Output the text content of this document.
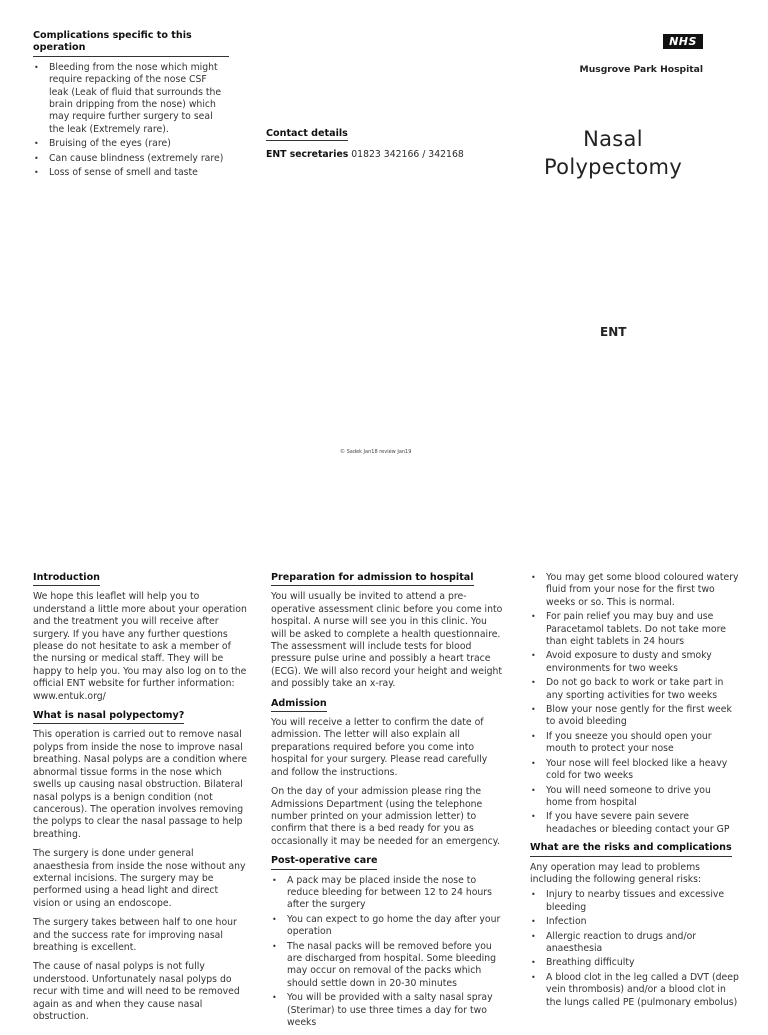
Complications specific to this operation
• Bleeding from the nose which might require repacking of the nose CSF leak (Leak of fluid that surrounds the brain dripping from the nose) which may require further surgery to seal the leak (Extremely rare).
• Bruising of the eyes (rare)
• Can cause blindness (extremely rare)
• Loss of sense of smell and taste
Contact details
ENT secretaries 01823 342166 / 342168
NHS
Musgrove Park Hospital
Nasal
Polypectomy
ENT
© Sadek Jan18 review Jan19
Introduction

We hope this leaflet will help you to understand a little more about your operation and the treatment you will receive after surgery. If you have any further questions please do not hesitate to ask a member of the nursing or medical staff. They will be happy to help you. You may also log on to the official ENT website for further information: www.entuk.org/

What is nasal polypectomy?

This operation is carried out to remove nasal polyps from inside the nose to improve nasal breathing. Nasal polyps are a condition where abnormal tissue forms in the nose which swells up causing nasal obstruction. Bilateral nasal polyps is a benign condition (not cancerous). The operation involves removing the polyps to clear the nasal passage to help breathing.

The surgery is done under general anaesthesia from inside the nose without any external incisions. The surgery may be performed using a head light and direct vision or using an endoscope.

The surgery takes between half to one hour and the success rate for improving nasal breathing is excellent.

The cause of nasal polyps is not fully understood. Unfortunately nasal polyps do recur with time and will need to be removed again as and when they cause nasal obstruction.

Preparation for admission to hospital

You will usually be invited to attend a pre-operative assessment clinic before you come into hospital. A nurse will see you in this clinic. You will be asked to complete a health questionnaire. The assessment will include tests for blood pressure pulse urine and possibly a heart trace (ECG). We will also record your height and weight and possibly take an x-ray.

Admission

You will receive a letter to confirm the date of admission. The letter will also explain all preparations required before you come into hospital for your surgery. Please read carefully and follow the instructions.

On the day of your admission please ring the Admissions Department (using the telephone number printed on your admission letter) to confirm that there is a bed ready for you as occasionally it may be needed for an emergency.

Post-operative care
• A pack may be placed inside the nose to reduce bleeding for between 12 to 24 hours after the surgery
• You can expect to go home the day after your operation
• The nasal packs will be removed before you are discharged from hospital. Some bleeding may occur on removal of the packs which should settle down in 20-30 minutes
• You will be provided with a salty nasal spray (Sterimar) to use three times a day for two weeks
• You may get some blood coloured watery fluid from your nose for the first two weeks or so. This is normal.
• For pain relief you may buy and use Paracetamol tablets. Do not take more than eight tablets in 24 hours
• Avoid exposure to dusty and smoky environments for two weeks
• Do not go back to work or take part in any sporting activities for two weeks
• Blow your nose gently for the first week to avoid bleeding
• If you sneeze you should open your mouth to protect your nose
• Your nose will feel blocked like a heavy cold for two weeks
• You will need someone to drive you home from hospital
• If you have severe pain severe headaches or bleeding contact your GP
What are the risks and complications

Any operation may lead to problems including the following general risks:

• Injury to nearby tissues and excessive bleeding
• Infection
• Allergic reaction to drugs and/or anaesthesia
• Breathing difficulty
• A blood clot in the leg called a DVT (deep vein thrombosis) and/or a blood clot in the lungs called PE (pulmonary embolus)
